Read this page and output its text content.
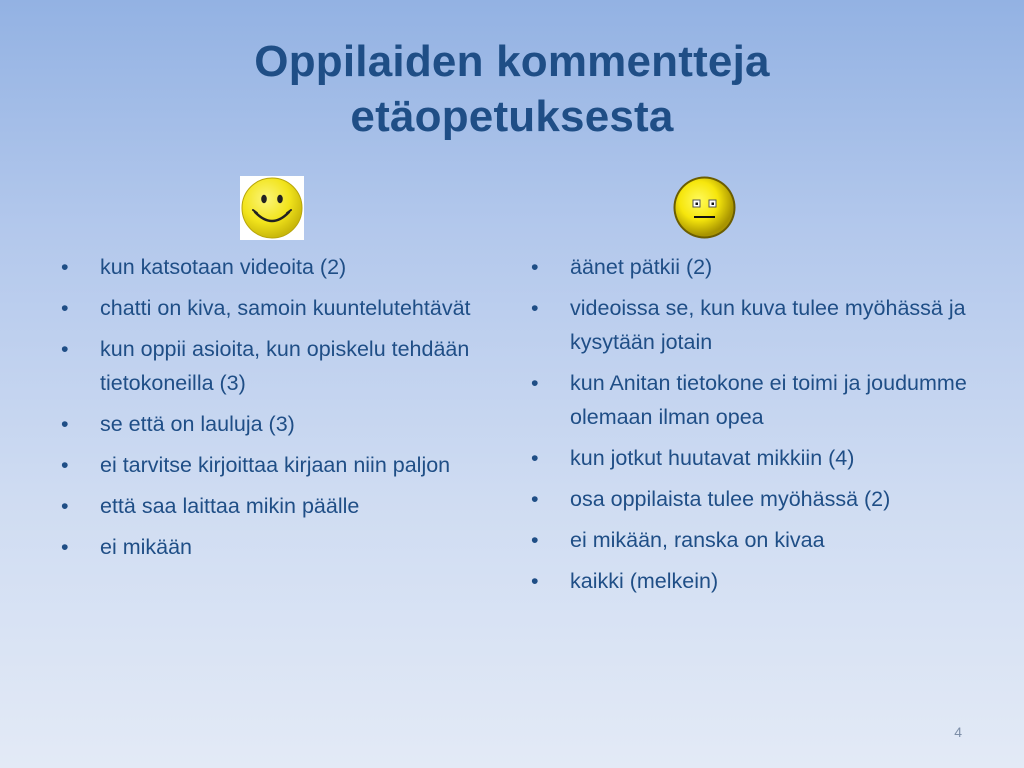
Oppilaiden kommentteja
etäopetuksesta
• kun katsotaan videoita (2)
• chatti on kiva, samoin kuuntelutehtävät
• kun oppii asioita, kun opiskelu tehdään tietokoneilla (3)
• se että on lauluja (3)
• ei tarvitse kirjoittaa kirjaan niin paljon
• että saa laittaa mikin päälle
• ei mikään
• äänet pätkii (2)
• videoissa se, kun kuva tulee myöhässä ja kysytään jotain
• kun Anitan tietokone ei toimi ja joudumme olemaan ilman opea
• kun jotkut huutavat mikkiin (4)
• osa oppilaista tulee myöhässä (2)
• ei mikään, ranska on kivaa
• kaikki (melkein)
4
